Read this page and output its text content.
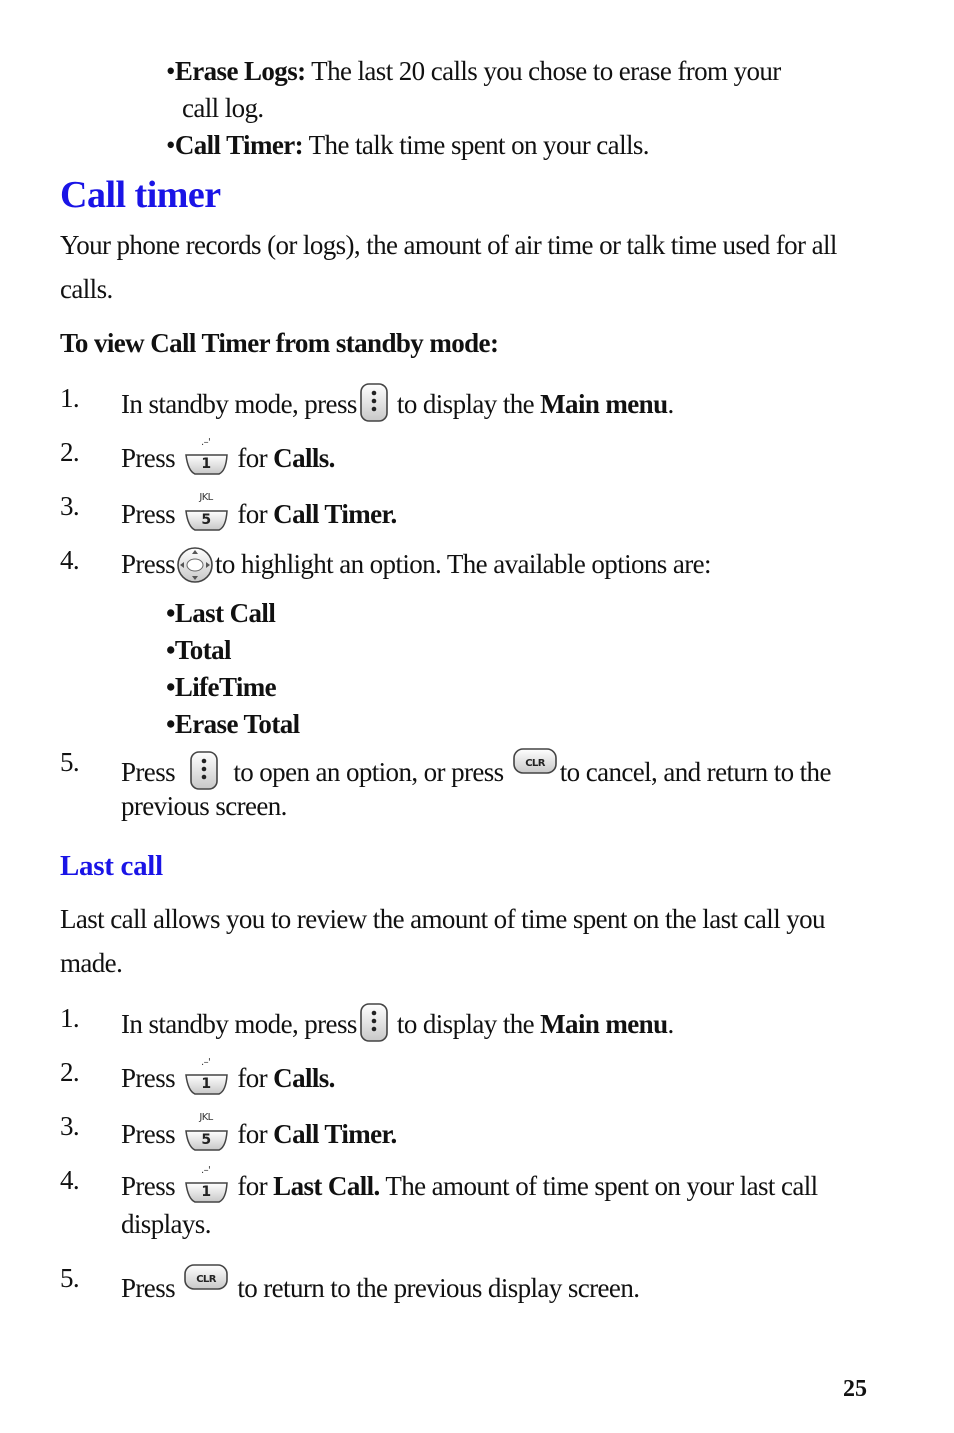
•Erase Logs: The last 20 calls you chose to erase from your
call log.
•Call Timer: The talk time spent on your calls.
Call timer
Your phone records (or logs), the amount of air time or talk time used for all
calls.
To view Call Timer from standby mode:
1.	In standby mode, press to display the Main menu.
2.	Press
.–'
1 for Calls.
3.	Press
JKL
5 for Call Timer.
4.	Press to highlight an option. The available options are:
•Last Call
•Total
•LifeTime
•Erase Total
5.	Press to open an option, or press CLR to cancel, and return to the
previous screen.
Last call
Last call allows you to review the amount of time spent on the last call you
made.
1.	In standby mode, press to display the Main menu.
2.	Press
.–'
1 for Calls.
3.	Press
JKL
5 for Call Timer.
4.	Press
.–'
1 for Last Call. The amount of time spent on your last call
displays.
5.	Press CLR to return to the previous display screen.
25
